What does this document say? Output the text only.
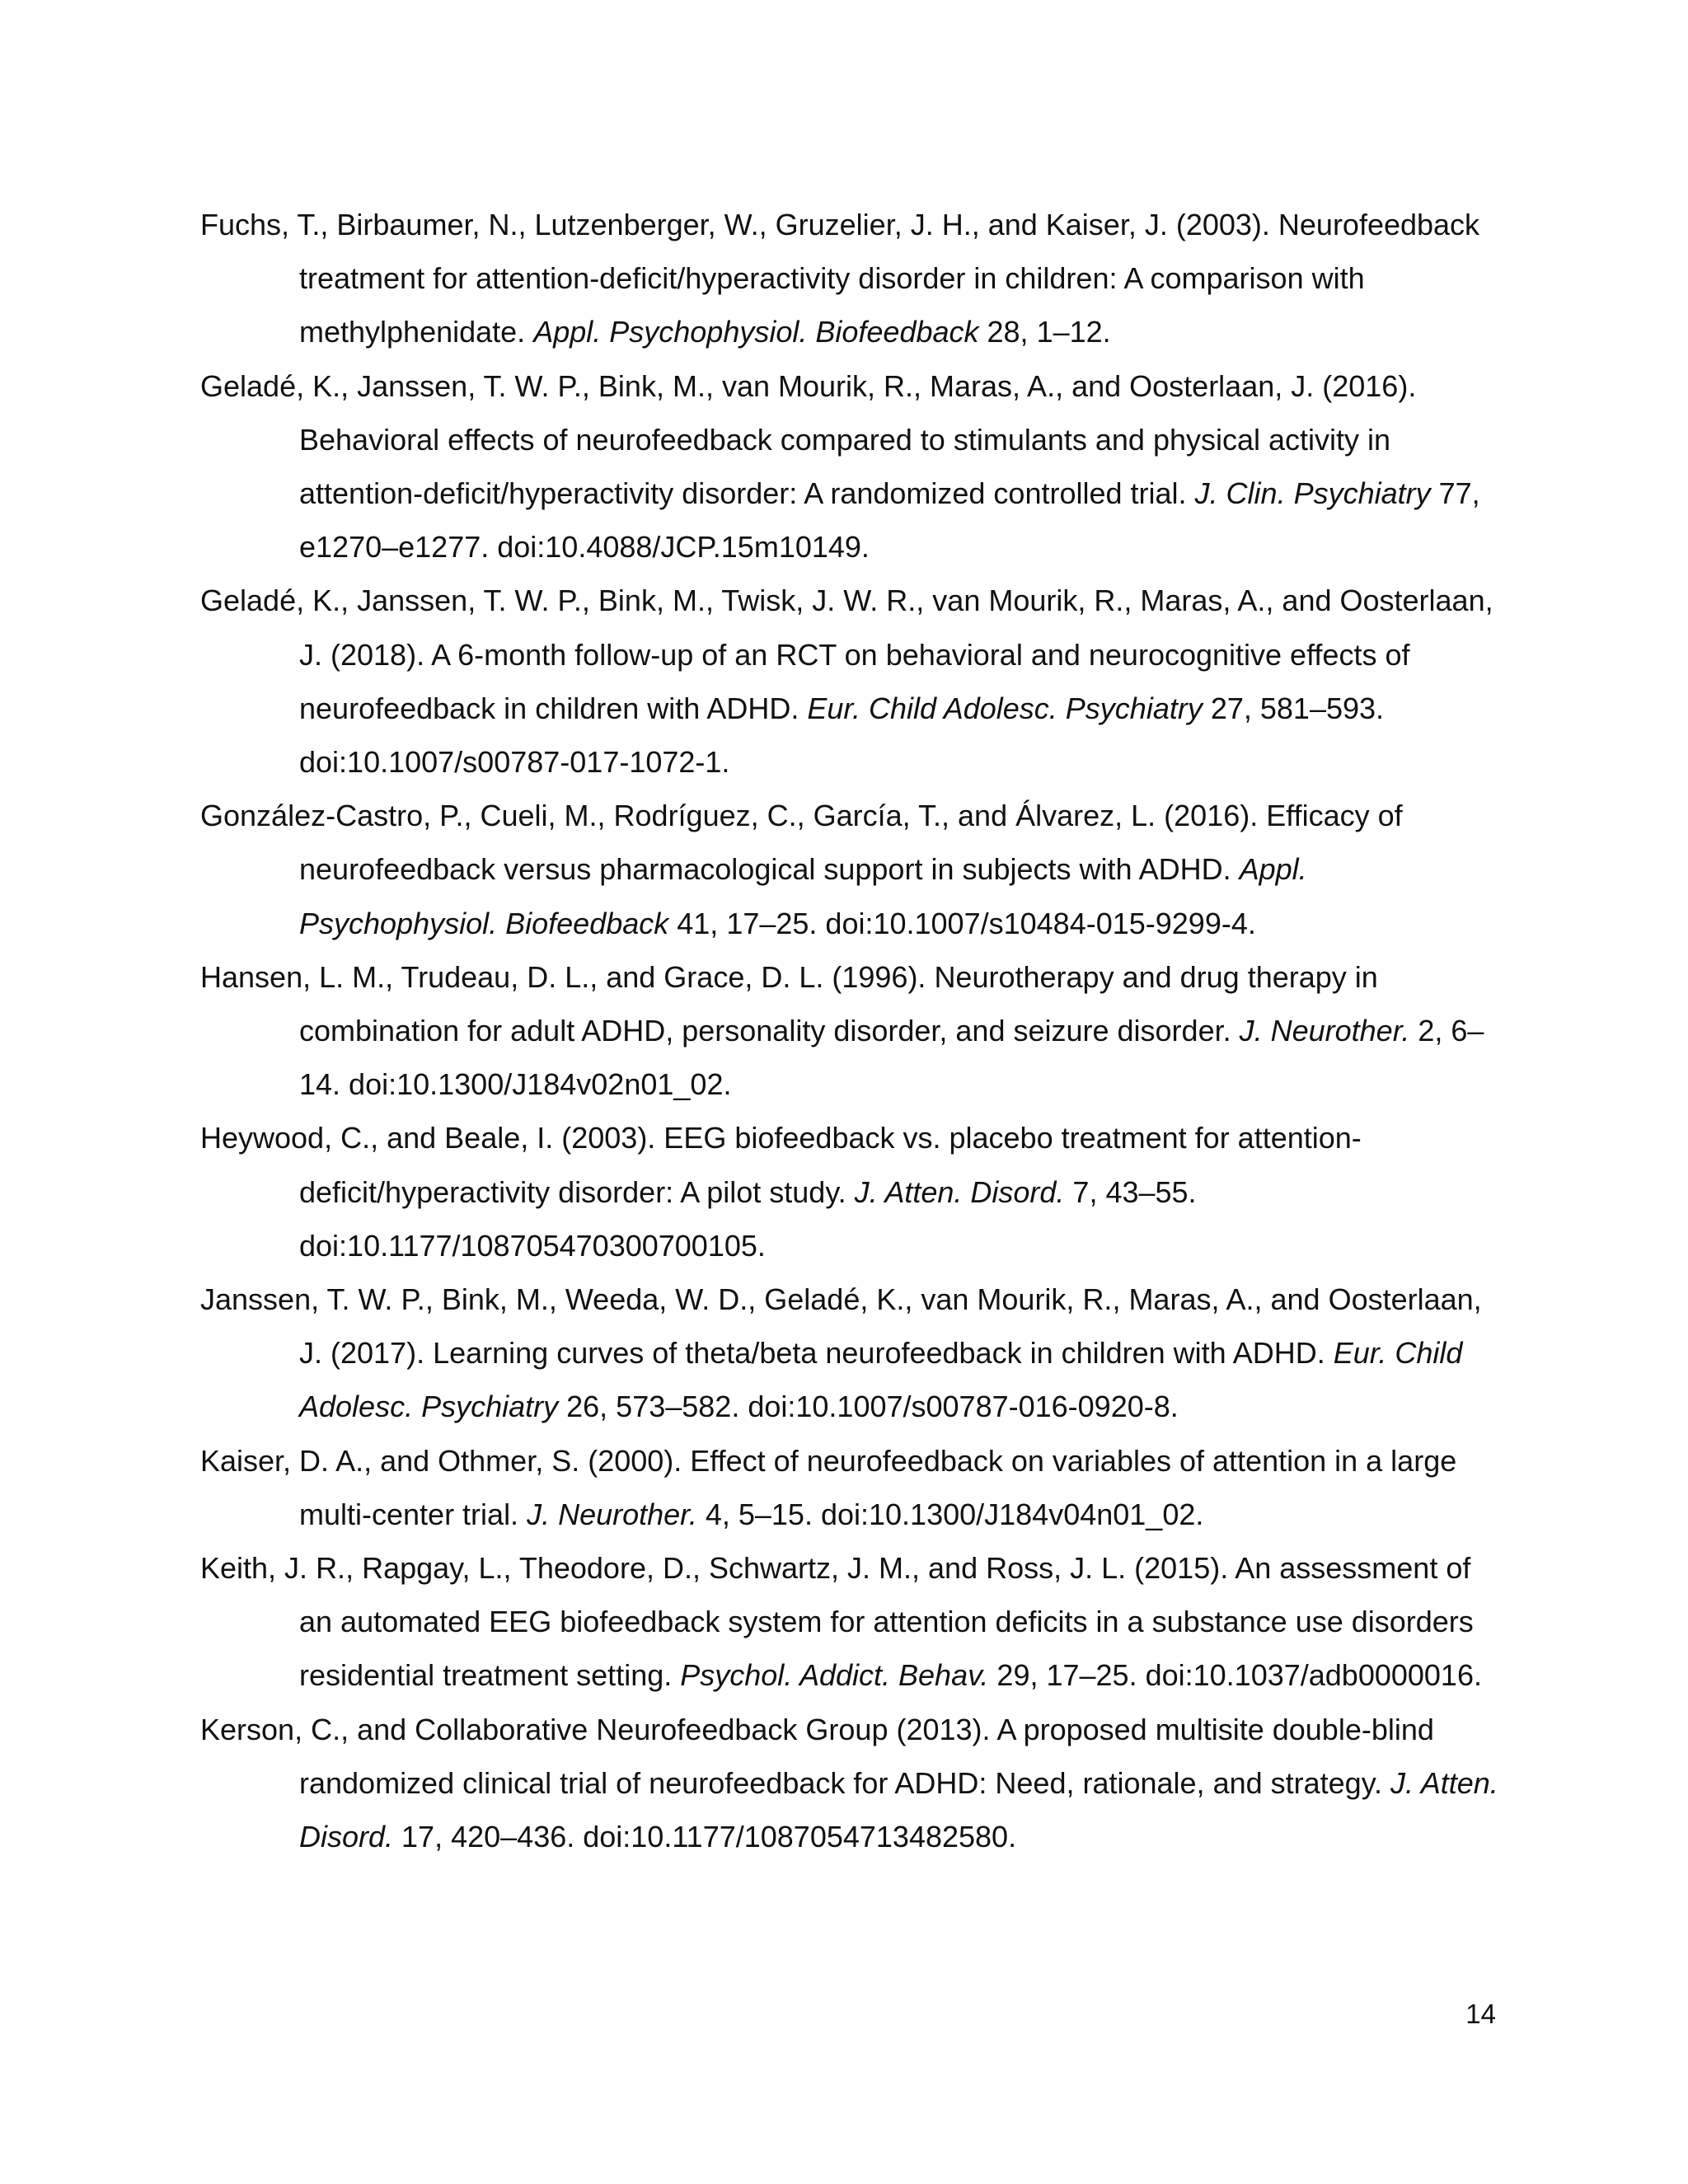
Fuchs, T., Birbaumer, N., Lutzenberger, W., Gruzelier, J. H., and Kaiser, J. (2003). Neurofeedback treatment for attention-deficit/hyperactivity disorder in children: A comparison with methylphenidate. Appl. Psychophysiol. Biofeedback 28, 1–12.

Geladé, K., Janssen, T. W. P., Bink, M., van Mourik, R., Maras, A., and Oosterlaan, J. (2016). Behavioral effects of neurofeedback compared to stimulants and physical activity in attention-deficit/hyperactivity disorder: A randomized controlled trial. J. Clin. Psychiatry 77, e1270–e1277. doi:10.4088/JCP.15m10149.

Geladé, K., Janssen, T. W. P., Bink, M., Twisk, J. W. R., van Mourik, R., Maras, A., and Oosterlaan, J. (2018). A 6-month follow-up of an RCT on behavioral and neurocognitive effects of neurofeedback in children with ADHD. Eur. Child Adolesc. Psychiatry 27, 581–593. doi:10.1007/s00787-017-1072-1.

González-Castro, P., Cueli, M., Rodríguez, C., García, T., and Álvarez, L. (2016). Efficacy of neurofeedback versus pharmacological support in subjects with ADHD. Appl. Psychophysiol. Biofeedback 41, 17–25. doi:10.1007/s10484-015-9299-4.

Hansen, L. M., Trudeau, D. L., and Grace, D. L. (1996). Neurotherapy and drug therapy in combination for adult ADHD, personality disorder, and seizure disorder. J. Neurother. 2, 6–14. doi:10.1300/J184v02n01_02.

Heywood, C., and Beale, I. (2003). EEG biofeedback vs. placebo treatment for attention-deficit/hyperactivity disorder: A pilot study. J. Atten. Disord. 7, 43–55. doi:10.1177/108705470300700105.

Janssen, T. W. P., Bink, M., Weeda, W. D., Geladé, K., van Mourik, R., Maras, A., and Oosterlaan, J. (2017). Learning curves of theta/beta neurofeedback in children with ADHD. Eur. Child Adolesc. Psychiatry 26, 573–582. doi:10.1007/s00787-016-0920-8.

Kaiser, D. A., and Othmer, S. (2000). Effect of neurofeedback on variables of attention in a large multi-center trial. J. Neurother. 4, 5–15. doi:10.1300/J184v04n01_02.

Keith, J. R., Rapgay, L., Theodore, D., Schwartz, J. M., and Ross, J. L. (2015). An assessment of an automated EEG biofeedback system for attention deficits in a substance use disorders residential treatment setting. Psychol. Addict. Behav. 29, 17–25. doi:10.1037/adb0000016.

Kerson, C., and Collaborative Neurofeedback Group (2013). A proposed multisite double-blind randomized clinical trial of neurofeedback for ADHD: Need, rationale, and strategy. J. Atten. Disord. 17, 420–436. doi:10.1177/1087054713482580.

14
